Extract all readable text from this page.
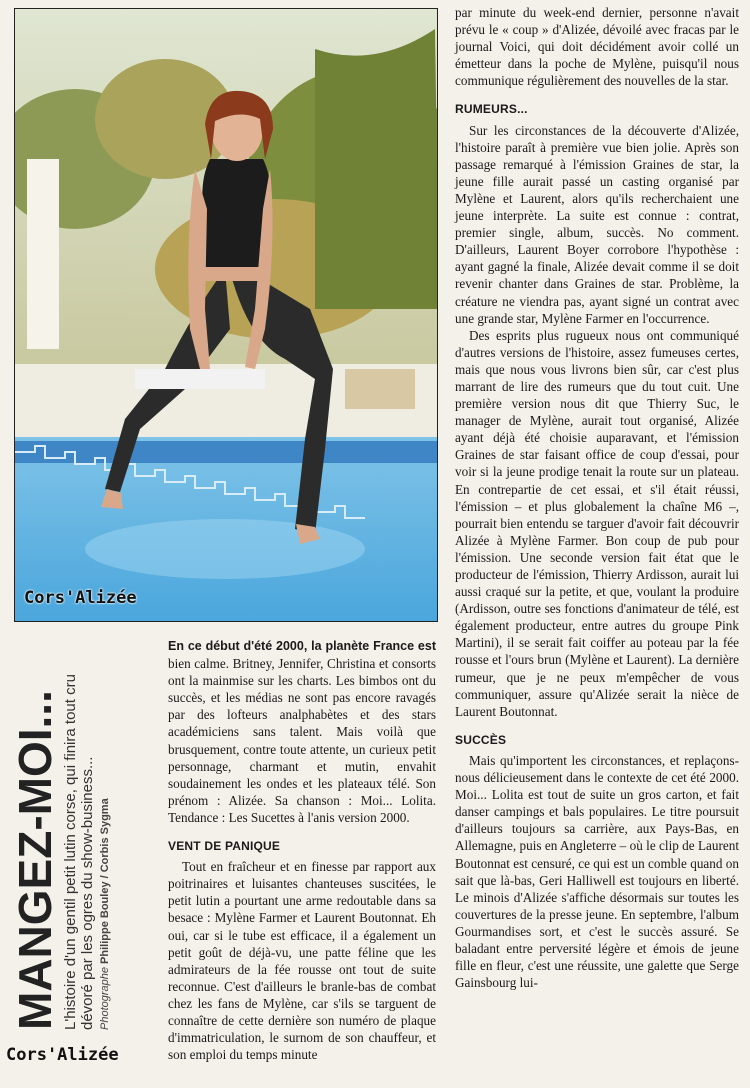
Cors'Alizée
MANGEZ-MOI... L'histoire d'un gentil petit lutin corse, qui finira tout cru dévoré par les ogres du show-business... Photographe Philippe Bouley / Corbis Sygma
Cors'Alizée

En ce début d'été 2000, la planète France est bien calme. Britney, Jennifer, Christina et consorts ont la mainmise sur les charts. Les bimbos ont du succès, et les médias ne sont pas encore ravagés par des lofteurs analphabètes et des stars académiciens sans talent. Mais voilà que brusquement, contre toute attente, un curieux petit personnage, charmant et mutin, envahit soudainement les ondes et les plateaux télé. Son prénom : Alizée. Sa chanson : Moi... Lolita. Tendance : Les Sucettes à l'anis version 2000.

VENT DE PANIQUE

Tout en fraîcheur et en finesse par rapport aux poitrinaires et luisantes chanteuses suscitées, le petit lutin a pourtant une arme redoutable dans sa besace : Mylène Farmer et Laurent Boutonnat. Eh oui, car si le tube est efficace, il a également un petit goût de déjà-vu, une patte féline que les admirateurs de la fée rousse ont tout de suite reconnue. C'est d'ailleurs le branle-bas de combat chez les fans de Mylène, car s'ils se targuent de connaître de cette dernière son numéro de plaque d'immatriculation, le surnom de son chauffeur, et son emploi du temps minute

par minute du week-end dernier, personne n'avait prévu le « coup » d'Alizée, dévoilé avec fracas par le journal Voici, qui doit décidément avoir collé un émetteur dans la poche de Mylène, puisqu'il nous communique régulièrement des nouvelles de la star.

RUMEURS...

Sur les circonstances de la découverte d'Alizée, l'histoire paraît à première vue bien jolie. Après son passage remarqué à l'émission Graines de star, la jeune fille aurait passé un casting organisé par Mylène et Laurent, alors qu'ils recherchaient une jeune interprète. La suite est connue : contrat, premier single, album, succès. No comment. D'ailleurs, Laurent Boyer corrobore l'hypothèse : ayant gagné la finale, Alizée devait comme il se doit revenir chanter dans Graines de star. Problème, la créature ne viendra pas, ayant signé un contrat avec une grande star, Mylène Farmer en l'occurrence.

Des esprits plus rugueux nous ont communiqué d'autres versions de l'histoire, assez fumeuses certes, mais que nous vous livrons bien sûr, car c'est plus marrant de lire des rumeurs que du tout cuit. Une première version nous dit que Thierry Suc, le manager de Mylène, aurait tout organisé, Alizée ayant déjà été choisie auparavant, et l'émission Graines de star faisant office de coup d'essai, pour voir si la jeune prodige tenait la route sur un plateau. En contrepartie de cet essai, et s'il était réussi, l'émission – et plus globalement la chaîne M6 –, pourrait bien entendu se targuer d'avoir fait découvrir Alizée à Mylène Farmer. Bon coup de pub pour l'émission. Une seconde version fait état que le producteur de l'émission, Thierry Ardisson, aurait lui aussi craqué sur la petite, et que, voulant la produire (Ardisson, outre ses fonctions d'animateur de télé, est également producteur, entre autres du groupe Pink Martini), il se serait fait coiffer au poteau par la fée rousse et l'ours brun (Mylène et Laurent). La dernière rumeur, que je ne peux m'empêcher de vous communiquer, assure qu'Alizée serait la nièce de Laurent Boutonnat.

SUCCÈS

Mais qu'importent les circonstances, et replaçons-nous délicieusement dans le contexte de cet été 2000. Moi... Lolita est tout de suite un gros carton, et fait danser campings et bals populaires. Le titre poursuit d'ailleurs toujours sa carrière, aux Pays-Bas, en Allemagne, puis en Angleterre – où le clip de Laurent Boutonnat est censuré, ce qui est un comble quand on sait que là-bas, Geri Halliwell est toujours en liberté. Le minois d'Alizée s'affiche désormais sur toutes les couvertures de la presse jeune. En septembre, l'album Gourmandises sort, et c'est le succès assuré. Se baladant entre perversité légère et émois de jeune fille en fleur, c'est une réussite, une galette que Serge Gainsbourg lui-
